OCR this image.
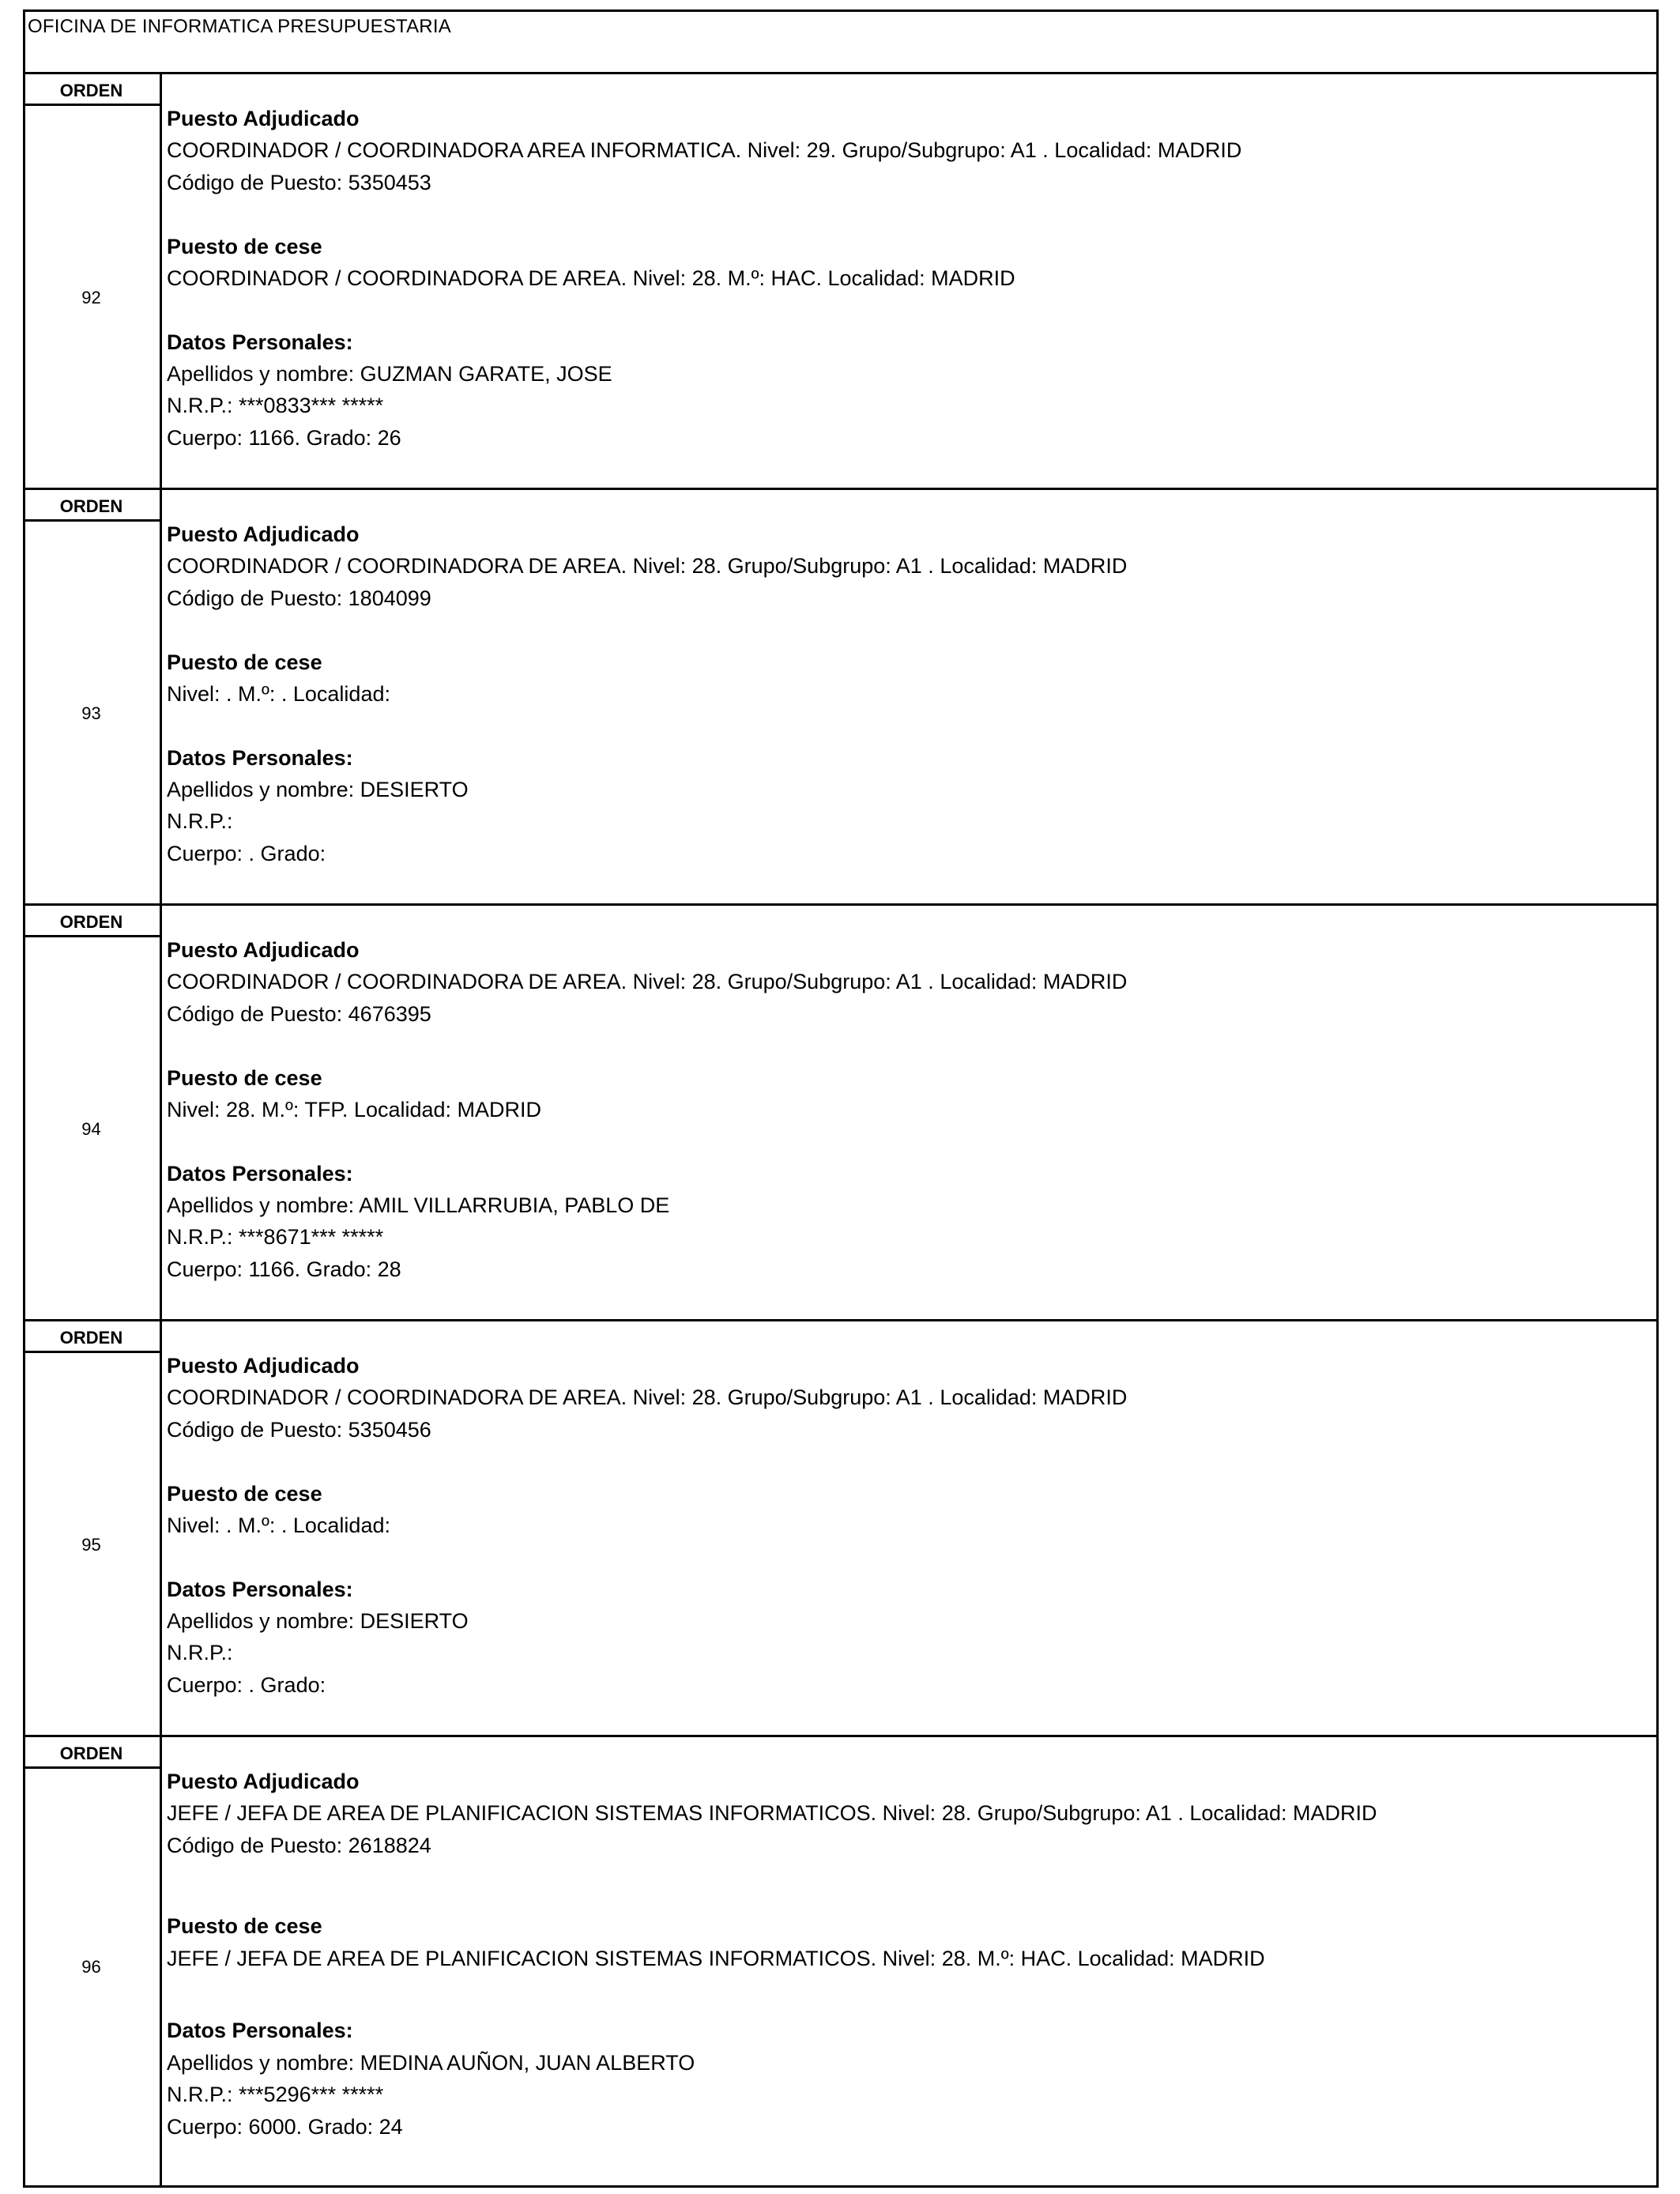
OFICINA DE INFORMATICA PRESUPUESTARIA
ORDEN
92
Puesto Adjudicado
COORDINADOR / COORDINADORA AREA INFORMATICA. Nivel: 29. Grupo/Subgrupo: A1 . Localidad: MADRID
Código de Puesto: 5350453
Puesto de cese
COORDINADOR / COORDINADORA DE AREA. Nivel: 28. M.º: HAC. Localidad: MADRID
Datos Personales:
Apellidos y nombre: GUZMAN GARATE, JOSE
N.R.P.: ***0833*** *****
Cuerpo: 1166. Grado: 26
ORDEN
93
Puesto Adjudicado
COORDINADOR / COORDINADORA DE AREA. Nivel: 28. Grupo/Subgrupo: A1 . Localidad: MADRID
Código de Puesto: 1804099
Puesto de cese
Nivel: . M.º: . Localidad:
Datos Personales:
Apellidos y nombre: DESIERTO
N.R.P.:
Cuerpo: . Grado:
ORDEN
94
Puesto Adjudicado
COORDINADOR / COORDINADORA DE AREA. Nivel: 28. Grupo/Subgrupo: A1 . Localidad: MADRID
Código de Puesto: 4676395
Puesto de cese
Nivel: 28. M.º: TFP. Localidad: MADRID
Datos Personales:
Apellidos y nombre: AMIL VILLARRUBIA, PABLO DE
N.R.P.: ***8671*** *****
Cuerpo: 1166. Grado: 28
ORDEN
95
Puesto Adjudicado
COORDINADOR / COORDINADORA DE AREA. Nivel: 28. Grupo/Subgrupo: A1 . Localidad: MADRID
Código de Puesto: 5350456
Puesto de cese
Nivel: . M.º: . Localidad:
Datos Personales:
Apellidos y nombre: DESIERTO
N.R.P.:
Cuerpo: . Grado:
ORDEN
96
Puesto Adjudicado
JEFE / JEFA DE AREA DE PLANIFICACION SISTEMAS INFORMATICOS. Nivel: 28. Grupo/Subgrupo: A1 . Localidad: MADRID
Código de Puesto: 2618824
Puesto de cese
JEFE / JEFA DE AREA DE PLANIFICACION SISTEMAS INFORMATICOS. Nivel: 28. M.º: HAC. Localidad: MADRID
Datos Personales:
Apellidos y nombre: MEDINA AUÑON, JUAN ALBERTO
N.R.P.: ***5296*** *****
Cuerpo: 6000. Grado: 24
